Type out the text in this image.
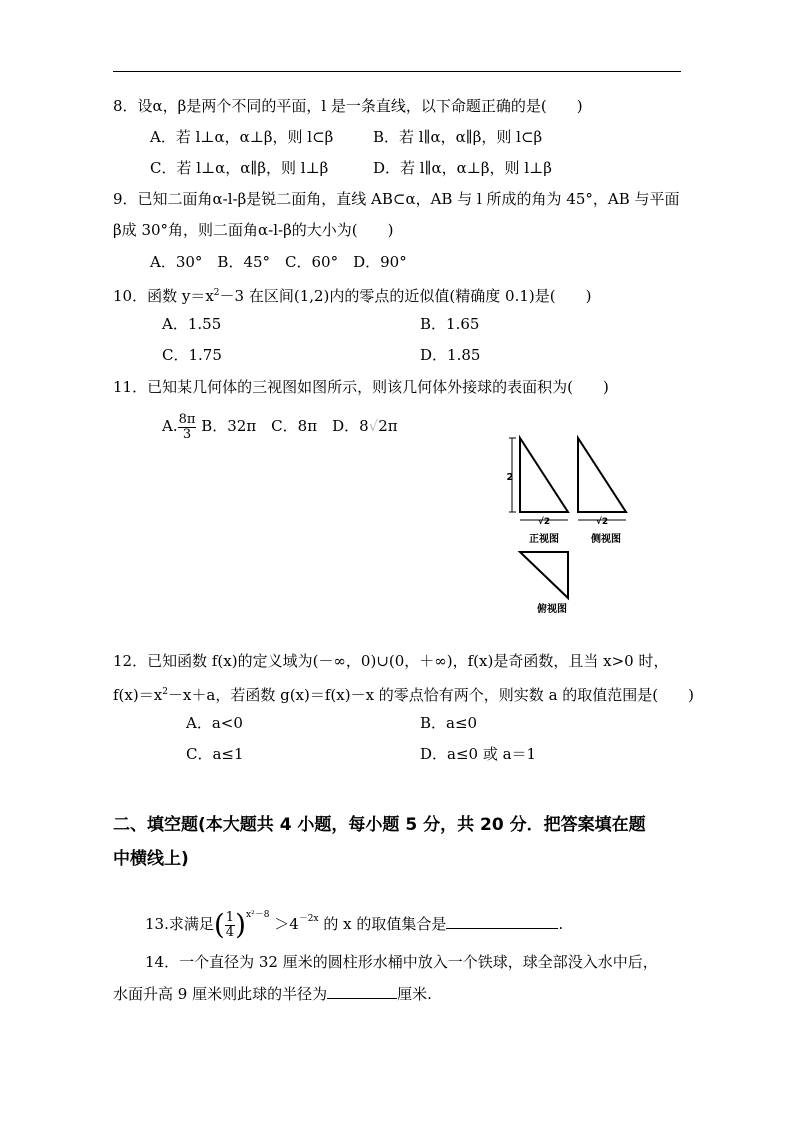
8．设α，β是两个不同的平面，l 是一条直线，以下命题正确的是(　　)
A．若 l⊥α，α⊥β，则 l⊂β	B．若 l∥α，α∥β，则 l⊂β
C．若 l⊥α，α∥β，则 l⊥β	D．若 l∥α，α⊥β，则 l⊥β
9．已知二面角α-l-β是锐二面角，直线 AB⊂α，AB 与 l 所成的角为 45°，AB 与平面
β成 30°角，则二面角α-l-β的大小为(　　)
A．30°　B．45°　C．60°　D．90°
10．函数 $y=x^2-3$ 在区间(1,2)内的零点的近似值(精确度 0.1)是(　　)
A．1.55	B．1.65
C．1.75	D．1.85
11．已知某几何体的三视图如图所示，则该几何体外接球的表面积为(　　)
A. $\frac{8\pi}{3}$ B．32π　C．8π　D．8√2π
2
√2
正视图
√2
侧视图
俯视图
12．已知函数 f(x)的定义域为(－∞，0)∪(0，＋∞)，f(x)是奇函数，且当 x>0 时，
$f(x)=x^2-x+a$，若函数 g(x)＝f(x)－x 的零点恰有两个，则实数 a 的取值范围是(　　)
A．a<0	B．a≤0
C．a≤1	D．a≤0 或 a＝1
二、填空题(本大题共 4 小题，每小题 5 分，共 20 分．把答案填在题
中横线上)
13.求满足( $\frac{1}{4} )^{x^2-8} >4^{-2x}$ 的 x 的取值集合是	.
14．一个直径为 32 厘米的圆柱形水桶中放入一个铁球，球全部没入水中后，
水面升高 9 厘米则此球的半径为	厘米.
